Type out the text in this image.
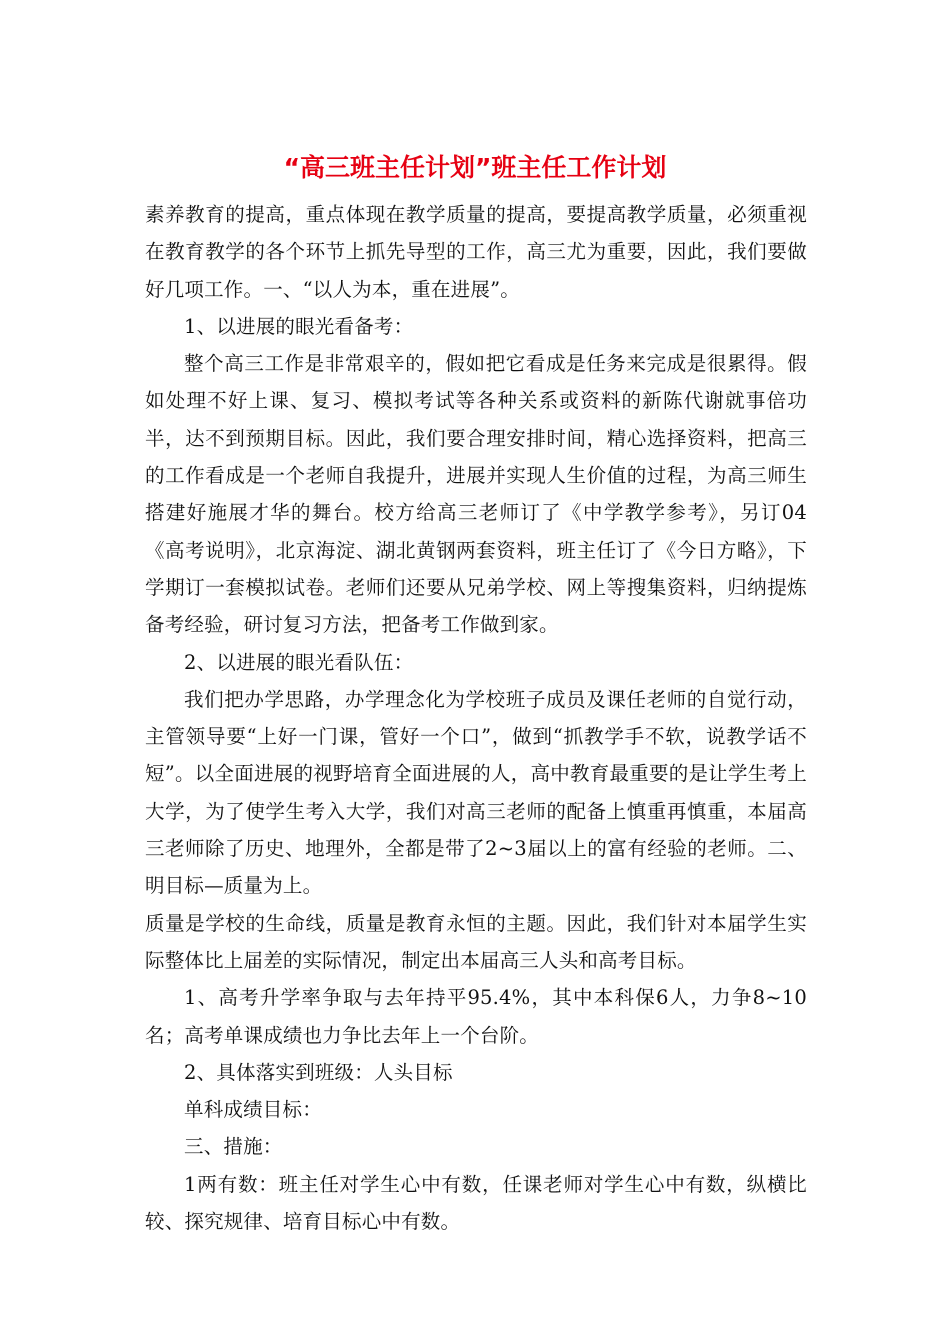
“高三班主任计划”班主任工作计划

素养教育的提高，重点体现在教学质量的提高，要提高教学质量，必须重视在教育教学的各个环节上抓先导型的工作，高三尤为重要，因此，我们要做好几项工作。一、“以人为本，重在进展”。

1、以进展的眼光看备考：

整个高三工作是非常艰辛的，假如把它看成是任务来完成是很累得。假如处理不好上课、复习、模拟考试等各种关系或资料的新陈代谢就事倍功半，达不到预期目标。因此，我们要合理安排时间，精心选择资料，把高三的工作看成是一个老师自我提升，进展并实现人生价值的过程，为高三师生搭建好施展才华的舞台。校方给高三老师订了《中学教学参考》，另订04《高考说明》，北京海淀、湖北黄钢两套资料，班主任订了《今日方略》，下学期订一套模拟试卷。老师们还要从兄弟学校、网上等搜集资料，归纳提炼备考经验，研讨复习方法，把备考工作做到家。

2、以进展的眼光看队伍：

我们把办学思路，办学理念化为学校班子成员及课任老师的自觉行动，主管领导要“上好一门课，管好一个口”，做到“抓教学手不软，说教学话不短”。以全面进展的视野培育全面进展的人，高中教育最重要的是让学生考上大学，为了使学生考入大学，我们对高三老师的配备上慎重再慎重，本届高三老师除了历史、地理外，全都是带了2~3届以上的富有经验的老师。二、明目标—质量为上。

质量是学校的生命线，质量是教育永恒的主题。因此，我们针对本届学生实际整体比上届差的实际情况，制定出本届高三人头和高考目标。

1、高考升学率争取与去年持平95.4%，其中本科保6人，力争8~10名；高考单课成绩也力争比去年上一个台阶。

2、具体落实到班级：人头目标

单科成绩目标：

三、措施：

1两有数：班主任对学生心中有数，任课老师对学生心中有数，纵横比较、探究规律、培育目标心中有数。
